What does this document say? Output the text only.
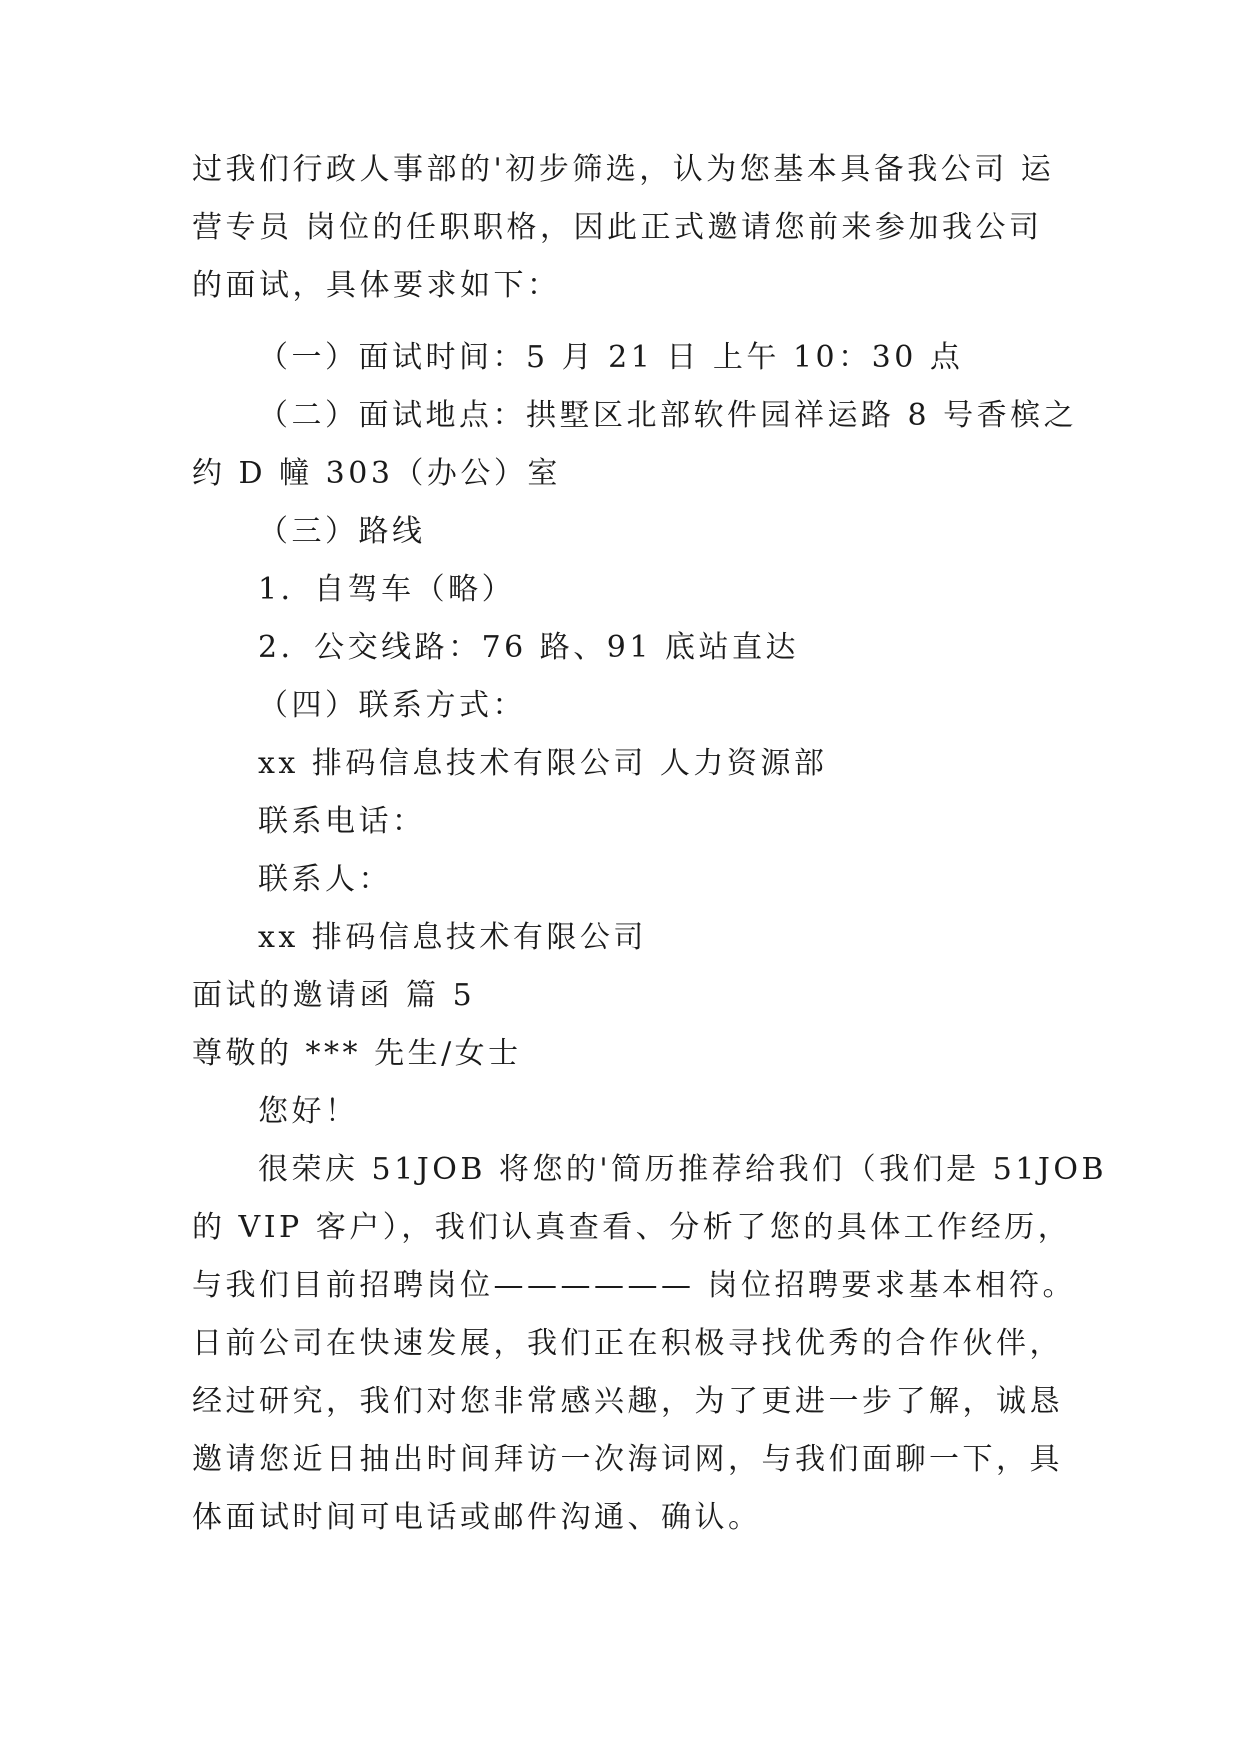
过我们行政人事部的'初步筛选，认为您基本具备我公司 运
营专员 岗位的任职职格，因此正式邀请您前来参加我公司
的面试，具体要求如下：
（一）面试时间：5 月 21 日 上午 10：30 点
（二）面试地点：拱墅区北部软件园祥运路 8 号香槟之
约 D 幢 303（办公）室
（三）路线
1．自驾车（略）
2．公交线路：76 路、91 底站直达
（四）联系方式：
xx 排码信息技术有限公司 人力资源部
联系电话：
联系人：
xx 排码信息技术有限公司
面试的邀请函 篇 5
尊敬的 *** 先生/女士
您好！
很荣庆 51JOB 将您的'简历推荐给我们（我们是 51JOB
的 VIP 客户），我们认真查看、分析了您的具体工作经历，
与我们目前招聘岗位—————— 岗位招聘要求基本相符。
日前公司在快速发展，我们正在积极寻找优秀的合作伙伴，
经过研究，我们对您非常感兴趣，为了更进一步了解，诚恳
邀请您近日抽出时间拜访一次海词网，与我们面聊一下，具
体面试时间可电话或邮件沟通、确认。
